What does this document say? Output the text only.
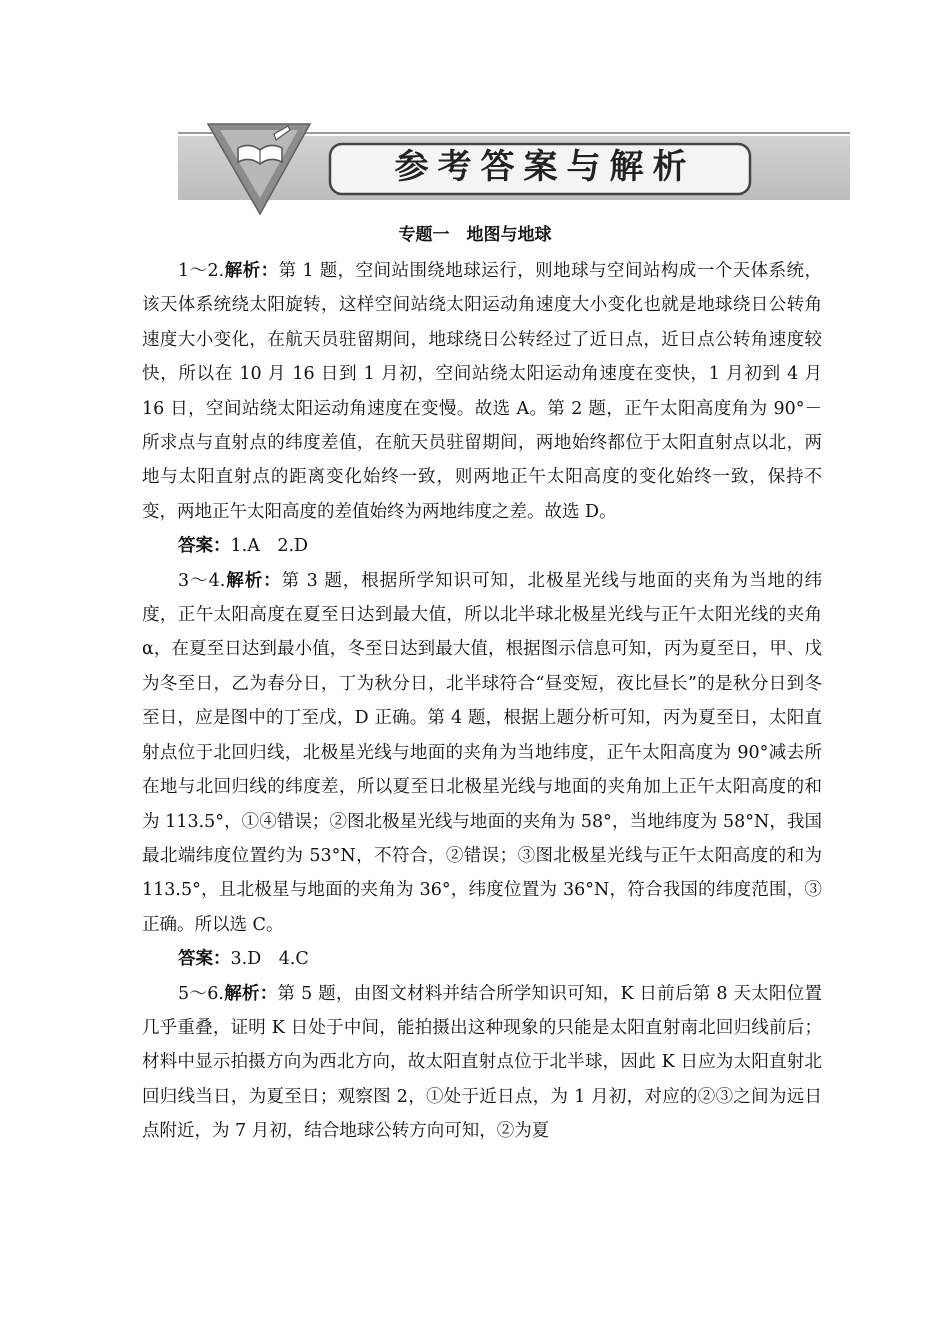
参考答案与解析
专题一　地图与地球

1～2.解析：第 1 题，空间站围绕地球运行，则地球与空间站构成一个天体系统，该天体系统绕太阳旋转，这样空间站绕太阳运动角速度大小变化也就是地球绕日公转角速度大小变化，在航天员驻留期间，地球绕日公转经过了近日点，近日点公转角速度较快，所以在 10 月 16 日到 1 月初，空间站绕太阳运动角速度在变快，1 月初到 4 月 16 日，空间站绕太阳运动角速度在变慢。故选 A。第 2 题，正午太阳高度角为 90°－所求点与直射点的纬度差值，在航天员驻留期间，两地始终都位于太阳直射点以北，两地与太阳直射点的距离变化始终一致，则两地正午太阳高度的变化始终一致，保持不变，两地正午太阳高度的差值始终为两地纬度之差。故选 D。

答案：1.A　2.D

3～4.解析：第 3 题，根据所学知识可知，北极星光线与地面的夹角为当地的纬度，正午太阳高度在夏至日达到最大值，所以北半球北极星光线与正午太阳光线的夹角 α，在夏至日达到最小值，冬至日达到最大值，根据图示信息可知，丙为夏至日，甲、戊为冬至日，乙为春分日，丁为秋分日，北半球符合“昼变短，夜比昼长”的是秋分日到冬至日，应是图中的丁至戊，D 正确。第 4 题，根据上题分析可知，丙为夏至日，太阳直射点位于北回归线，北极星光线与地面的夹角为当地纬度，正午太阳高度为 90°减去所在地与北回归线的纬度差，所以夏至日北极星光线与地面的夹角加上正午太阳高度的和为 113.5°，①④错误；②图北极星光线与地面的夹角为 58°，当地纬度为 58°N，我国最北端纬度位置约为 53°N，不符合，②错误；③图北极星光线与正午太阳高度的和为 113.5°，且北极星与地面的夹角为 36°，纬度位置为 36°N，符合我国的纬度范围，③正确。所以选 C。

答案：3.D　4.C

5～6.解析：第 5 题，由图文材料并结合所学知识可知，K 日前后第 8 天太阳位置几乎重叠，证明 K 日处于中间，能拍摄出这种现象的只能是太阳直射南北回归线前后；材料中显示拍摄方向为西北方向，故太阳直射点位于北半球，因此 K 日应为太阳直射北回归线当日，为夏至日；观察图 2，①处于近日点，为 1 月初，对应的②③之间为远日点附近，为 7 月初，结合地球公转方向可知，②为夏
